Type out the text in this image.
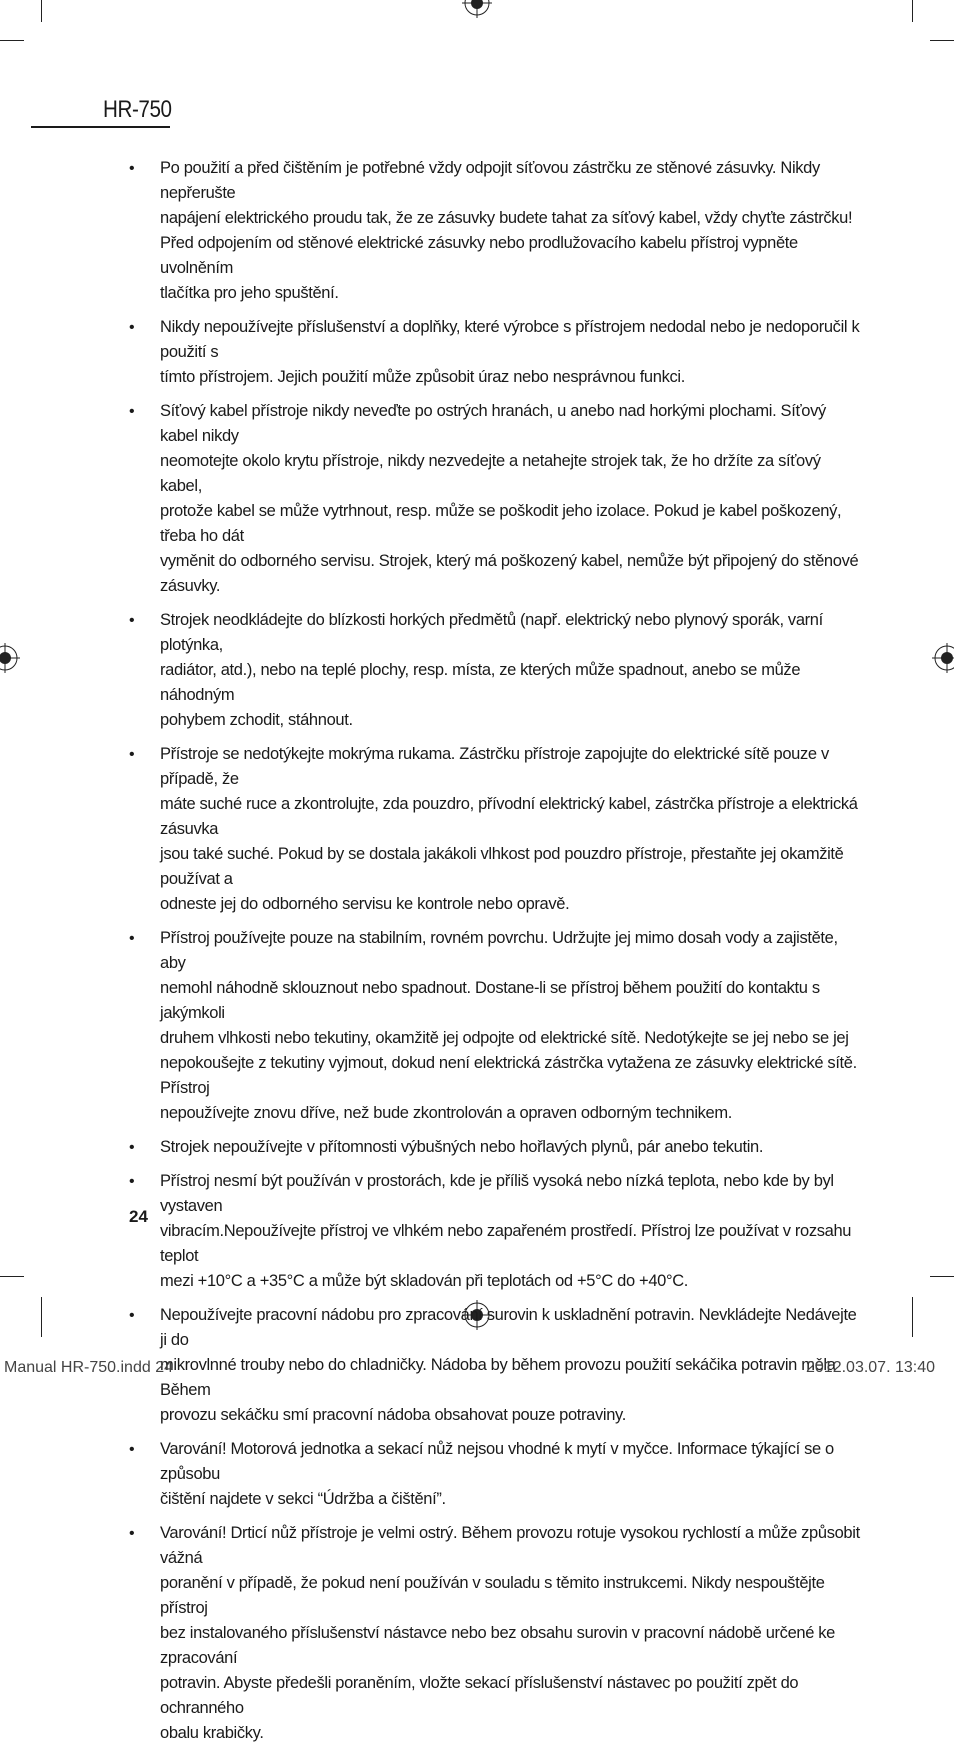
HR-750
• Po použití a před čištěním je potřebné vždy odpojit síťovou zástrčku ze stěnové zásuvky. Nikdy nepřerušte
napájení elektrického proudu tak, že ze zásuvky budete tahat za síťový kabel, vždy chyťte zástrčku!
Před odpojením od stěnové elektrické zásuvky nebo prodlužovacího kabelu přístroj vypněte uvolněním
tlačítka pro jeho spuštění.
• Nikdy nepoužívejte příslušenství a doplňky, které výrobce s přístrojem nedodal nebo je nedoporučil k použití s
tímto přístrojem. Jejich použití může způsobit úraz nebo nesprávnou funkci.
• Síťový kabel přístroje nikdy neveďte po ostrých hranách, u anebo nad horkými plochami. Síťový kabel nikdy
neomotejte okolo krytu přístroje, nikdy nezvedejte a netahejte strojek tak, že ho držíte za síťový kabel,
protože kabel se může vytrhnout, resp. může se poškodit jeho izolace. Pokud je kabel poškozený, třeba ho dát
vyměnit do odborného servisu. Strojek, který má poškozený kabel, nemůže být připojený do stěnové zásuvky.
• Strojek neodkládejte do blízkosti horkých předmětů (např. elektrický nebo plynový sporák, varní plotýnka,
radiátor, atd.), nebo na teplé plochy, resp. místa, ze kterých může spadnout, anebo se může náhodným
pohybem zchodit, stáhnout.
• Přístroje se nedotýkejte mokrýma rukama. Zástrčku přístroje zapojujte do elektrické sítě pouze v případě, že
máte suché ruce a zkontrolujte, zda pouzdro, přívodní elektrický kabel, zástrčka přístroje a elektrická zásuvka
jsou také suché. Pokud by se dostala jakákoli vlhkost pod pouzdro přístroje, přestaňte jej okamžitě používat a
odneste jej do odborného servisu ke kontrole nebo opravě.
• Přístroj používejte pouze na stabilním, rovném povrchu. Udržujte jej mimo dosah vody a zajistěte, aby
nemohl náhodně sklouznout nebo spadnout. Dostane-li se přístroj během použití do kontaktu s jakýmkoli
druhem vlhkosti nebo tekutiny, okamžitě jej odpojte od elektrické sítě. Nedotýkejte se jej nebo se jej
nepokoušejte z tekutiny vyjmout, dokud není elektrická zástrčka vytažena ze zásuvky elektrické sítě. Přístroj
nepoužívejte znovu dříve, než bude zkontrolován a opraven odborným technikem.
• Strojek nepoužívejte v přítomnosti výbušných nebo hořlavých plynů, pár anebo tekutin.
• Přístroj nesmí být používán v prostorách, kde je příliš vysoká nebo nízká teplota, nebo kde by byl vystaven
vibracím.Nepoužívejte přístroj ve vlhkém nebo zapařeném prostředí. Přístroj lze používat v rozsahu teplot
mezi +10°C a +35°C a může být skladován při teplotách od +5°C do +40°C.
• Nepoužívejte pracovní nádobu pro zpracování surovin k uskladnění potravin. Nevkládejte Nedávejte ji do
mikrovlnné trouby nebo do chladničky. Nádoba by během provozu použití sekáčika potravin měla Během
provozu sekáčku smí pracovní nádoba obsahovat pouze potraviny.
• Varování! Motorová jednotka a sekací nůž nejsou vhodné k mytí v myčce. Informace týkající se o způsobu
čištění najdete v sekci “Údržba a čištění”.
• Varování! Drticí nůž přístroje je velmi ostrý. Během provozu rotuje vysokou rychlostí a může způsobit vážná
poranění v případě, že pokud není používán v souladu s těmito instrukcemi. Nikdy nespouštějte přístroj
bez instalovaného příslušenství nástavce nebo bez obsahu surovin v pracovní nádobě určené ke zpracování
potravin. Abyste předešli poraněním, vložte sekací příslušenství nástavec po použití zpět do ochranného
obalu krabičky.
24
Manual HR-750.indd 24	2012.03.07. 13:40
